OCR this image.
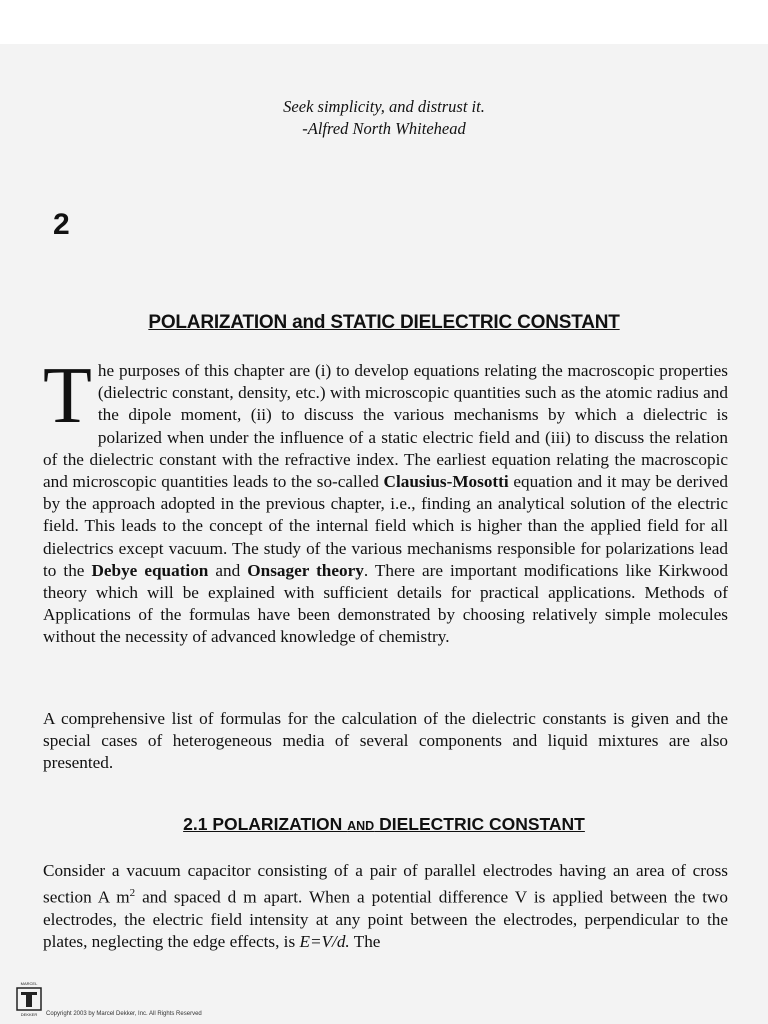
Seek simplicity, and distrust it.
-Alfred North Whitehead
2
POLARIZATION and STATIC DIELECTRIC CONSTANT
The purposes of this chapter are (i) to develop equations relating the macroscopic properties (dielectric constant, density, etc.) with microscopic quantities such as the atomic radius and the dipole moment, (ii) to discuss the various mechanisms by which a dielectric is polarized when under the influence of a static electric field and (iii) to discuss the relation of the dielectric constant with the refractive index. The earliest equation relating the macroscopic and microscopic quantities leads to the so-called Clausius-Mosotti equation and it may be derived by the approach adopted in the previous chapter, i.e., finding an analytical solution of the electric field. This leads to the concept of the internal field which is higher than the applied field for all dielectrics except vacuum. The study of the various mechanisms responsible for polarizations lead to the Debye equation and Onsager theory. There are important modifications like Kirkwood theory which will be explained with sufficient details for practical applications. Methods of Applications of the formulas have been demonstrated by choosing relatively simple molecules without the necessity of advanced knowledge of chemistry.
A comprehensive list of formulas for the calculation of the dielectric constants is given and the special cases of heterogeneous media of several components and liquid mixtures are also presented.
2.1 POLARIZATION AND DIELECTRIC CONSTANT
Consider a vacuum capacitor consisting of a pair of parallel electrodes having an area of cross section A $m^2$ and spaced d m apart. When a potential difference V is applied between the two electrodes, the electric field intensity at any point between the electrodes, perpendicular to the plates, neglecting the edge effects, is E=V/d. The
MARCEL
DEKKER Copyright 2003 by Marcel Dekker, Inc. All Rights Reserved
